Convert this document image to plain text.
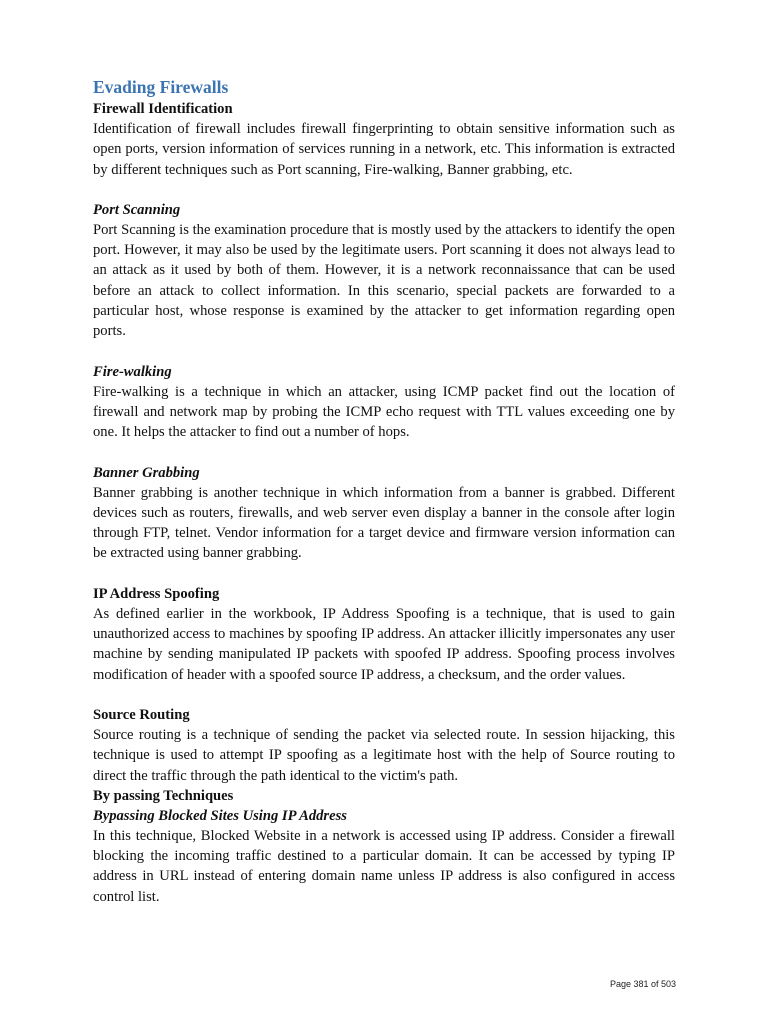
Evading Firewalls
Firewall Identification

Identification of firewall includes firewall fingerprinting to obtain sensitive information such as open ports, version information of services running in a network, etc. This information is extracted by different techniques such as Port scanning, Fire-walking, Banner grabbing, etc.

Port Scanning

Port Scanning is the examination procedure that is mostly used by the attackers to identify the open port. However, it may also be used by the legitimate users. Port scanning it does not always lead to an attack as it used by both of them. However, it is a network reconnaissance that can be used before an attack to collect information. In this scenario, special packets are forwarded to a particular host, whose response is examined by the attacker to get information regarding open ports.

Fire-walking

Fire-walking is a technique in which an attacker, using ICMP packet find out the location of firewall and network map by probing the ICMP echo request with TTL values exceeding one by one. It helps the attacker to find out a number of hops.

Banner Grabbing

Banner grabbing is another technique in which information from a banner is grabbed. Different devices such as routers, firewalls, and web server even display a banner in the console after login through FTP, telnet. Vendor information for a target device and firmware version information can be extracted using banner grabbing.

IP Address Spoofing

As defined earlier in the workbook, IP Address Spoofing is a technique, that is used to gain unauthorized access to machines by spoofing IP address. An attacker illicitly impersonates any user machine by sending manipulated IP packets with spoofed IP address. Spoofing process involves modification of header with a spoofed source IP address, a checksum, and the order values.

Source Routing

Source routing is a technique of sending the packet via selected route. In session hijacking, this technique is used to attempt IP spoofing as a legitimate host with the help of Source routing to direct the traffic through the path identical to the victim's path.

By passing Techniques
Bypassing Blocked Sites Using IP Address

In this technique, Blocked Website in a network is accessed using IP address. Consider a firewall blocking the incoming traffic destined to a particular domain. It can be accessed by typing IP address in URL instead of entering domain name unless IP address is also configured in access control list.

Page 381 of 503
